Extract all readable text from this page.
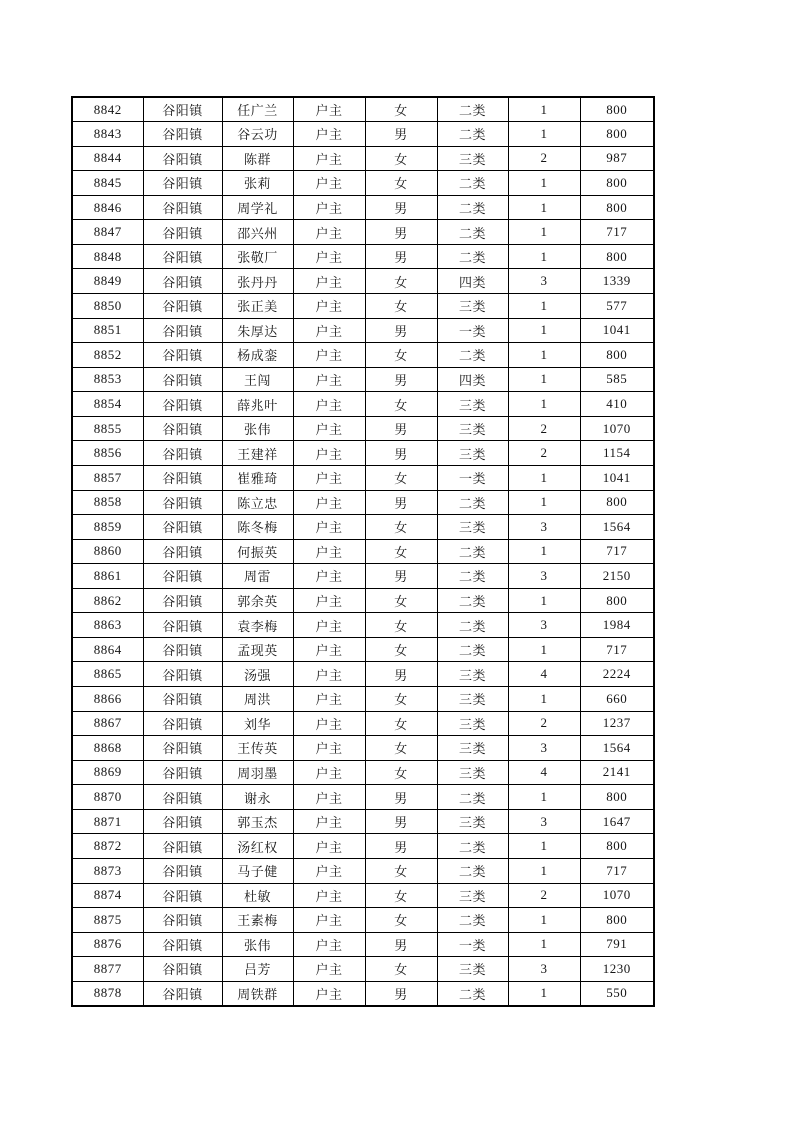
8842	谷阳镇	任广兰	户主	女	二类	1	800
8843	谷阳镇	谷云功	户主	男	二类	1	800
8844	谷阳镇	陈群	户主	女	三类	2	987
8845	谷阳镇	张莉	户主	女	二类	1	800
8846	谷阳镇	周学礼	户主	男	二类	1	800
8847	谷阳镇	邵兴州	户主	男	二类	1	717
8848	谷阳镇	张敬厂	户主	男	二类	1	800
8849	谷阳镇	张丹丹	户主	女	四类	3	1339
8850	谷阳镇	张正美	户主	女	三类	1	577
8851	谷阳镇	朱厚达	户主	男	一类	1	1041
8852	谷阳镇	杨成銮	户主	女	二类	1	800
8853	谷阳镇	王闯	户主	男	四类	1	585
8854	谷阳镇	薛兆叶	户主	女	三类	1	410
8855	谷阳镇	张伟	户主	男	三类	2	1070
8856	谷阳镇	王建祥	户主	男	三类	2	1154
8857	谷阳镇	崔雅琦	户主	女	一类	1	1041
8858	谷阳镇	陈立忠	户主	男	二类	1	800
8859	谷阳镇	陈冬梅	户主	女	三类	3	1564
8860	谷阳镇	何振英	户主	女	二类	1	717
8861	谷阳镇	周雷	户主	男	二类	3	2150
8862	谷阳镇	郭余英	户主	女	二类	1	800
8863	谷阳镇	袁李梅	户主	女	二类	3	1984
8864	谷阳镇	孟现英	户主	女	二类	1	717
8865	谷阳镇	汤强	户主	男	三类	4	2224
8866	谷阳镇	周洪	户主	女	三类	1	660
8867	谷阳镇	刘华	户主	女	三类	2	1237
8868	谷阳镇	王传英	户主	女	三类	3	1564
8869	谷阳镇	周羽墨	户主	女	三类	4	2141
8870	谷阳镇	谢永	户主	男	二类	1	800
8871	谷阳镇	郭玉杰	户主	男	三类	3	1647
8872	谷阳镇	汤红权	户主	男	二类	1	800
8873	谷阳镇	马子健	户主	女	二类	1	717
8874	谷阳镇	杜敏	户主	女	三类	2	1070
8875	谷阳镇	王素梅	户主	女	二类	1	800
8876	谷阳镇	张伟	户主	男	一类	1	791
8877	谷阳镇	吕芳	户主	女	三类	3	1230
8878	谷阳镇	周铁群	户主	男	二类	1	550
